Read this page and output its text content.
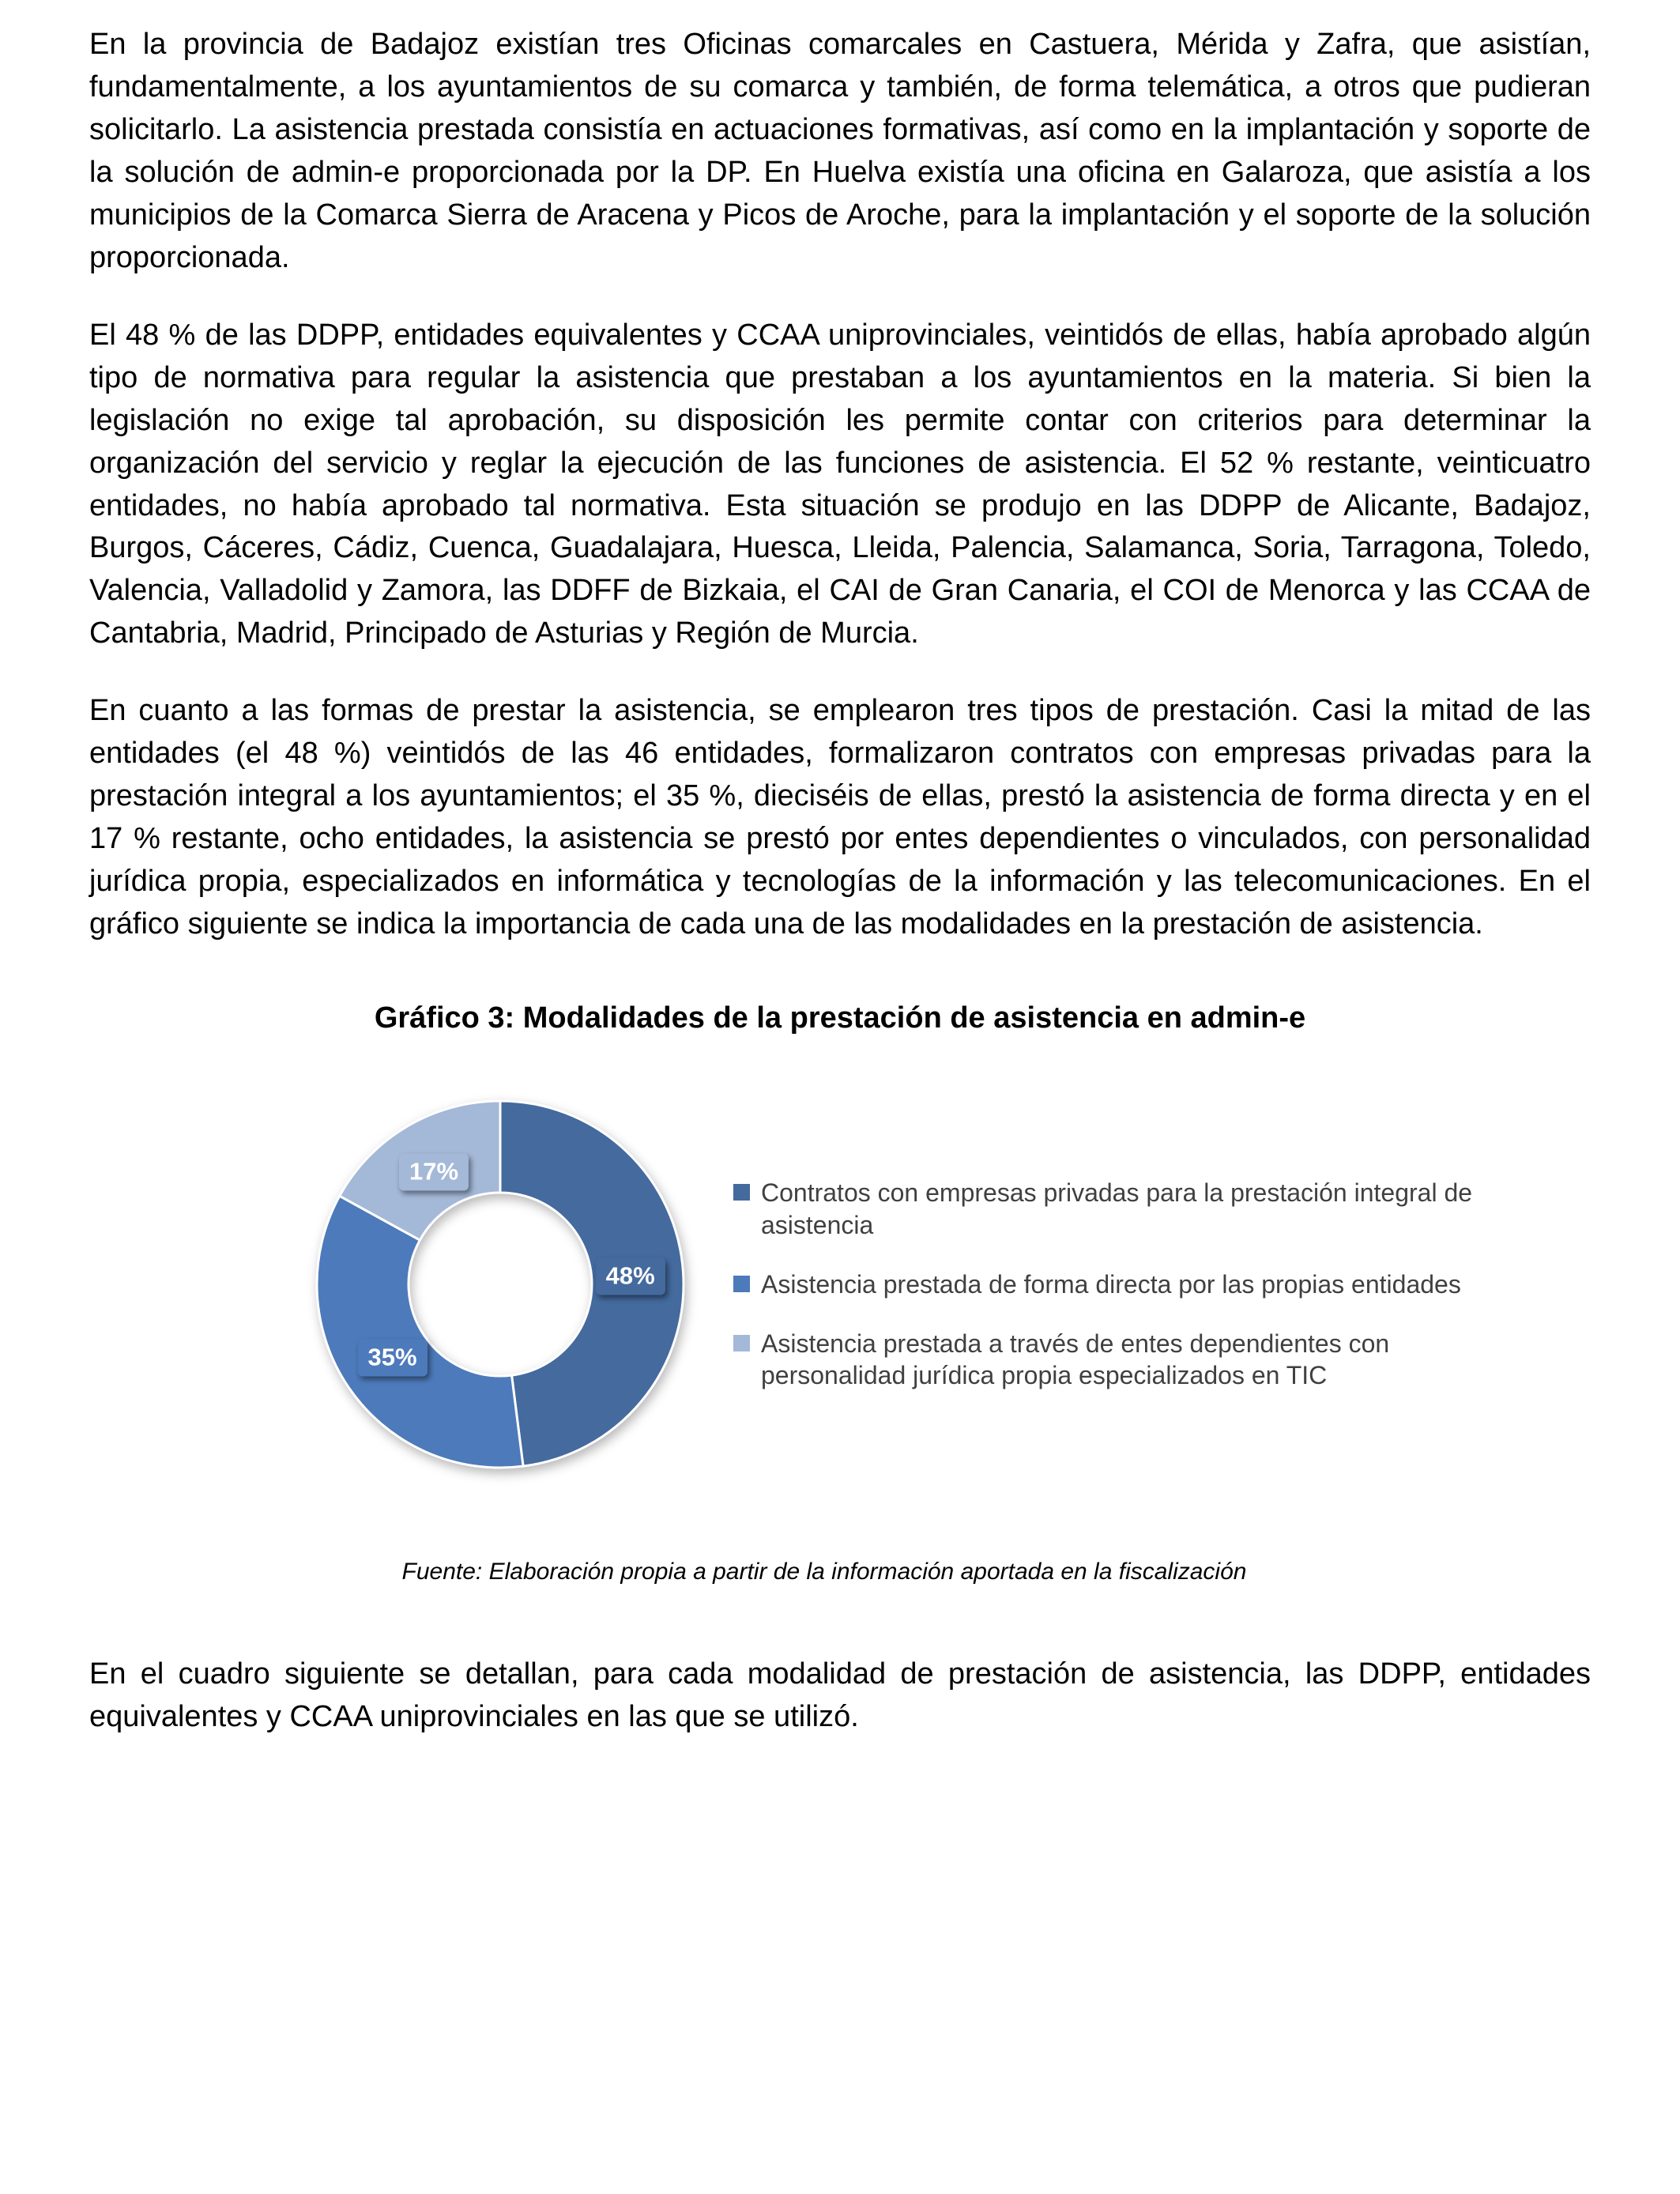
En la provincia de Badajoz existían tres Oficinas comarcales en Castuera, Mérida y Zafra, que asistían, fundamentalmente, a los ayuntamientos de su comarca y también, de forma telemática, a otros que pudieran solicitarlo. La asistencia prestada consistía en actuaciones formativas, así como en la implantación y soporte de la solución de admin-e proporcionada por la DP. En Huelva existía una oficina en Galaroza, que asistía a los municipios de la Comarca Sierra de Aracena y Picos de Aroche, para la implantación y el soporte de la solución proporcionada.

El 48 % de las DDPP, entidades equivalentes y CCAA uniprovinciales, veintidós de ellas, había aprobado algún tipo de normativa para regular la asistencia que prestaban a los ayuntamientos en la materia. Si bien la legislación no exige tal aprobación, su disposición les permite contar con criterios para determinar la organización del servicio y reglar la ejecución de las funciones de asistencia. El 52 % restante, veinticuatro entidades, no había aprobado tal normativa. Esta situación se produjo en las DDPP de Alicante, Badajoz, Burgos, Cáceres, Cádiz, Cuenca, Guadalajara, Huesca, Lleida, Palencia, Salamanca, Soria, Tarragona, Toledo, Valencia, Valladolid y Zamora, las DDFF de Bizkaia, el CAI de Gran Canaria, el COI de Menorca y las CCAA de Cantabria, Madrid, Principado de Asturias y Región de Murcia.

En cuanto a las formas de prestar la asistencia, se emplearon tres tipos de prestación. Casi la mitad de las entidades (el 48 %) veintidós de las 46 entidades, formalizaron contratos con empresas privadas para la prestación integral a los ayuntamientos; el 35 %, dieciséis de ellas, prestó la asistencia de forma directa y en el 17 % restante, ocho entidades, la asistencia se prestó por entes dependientes o vinculados, con personalidad jurídica propia, especializados en informática y tecnologías de la información y las telecomunicaciones. En el gráfico siguiente se indica la importancia de cada una de las modalidades en la prestación de asistencia.

Gráfico 3: Modalidades de la prestación de asistencia en admin-e
48%
35%
17%
Contratos con empresas privadas para la prestación integral de asistencia
Asistencia prestada de forma directa por las propias entidades
Asistencia prestada a través de entes dependientes con personalidad jurídica propia especializados en TIC

Fuente: Elaboración propia a partir de la información aportada en la fiscalización

En el cuadro siguiente se detallan, para cada modalidad de prestación de asistencia, las DDPP, entidades equivalentes y CCAA uniprovinciales en las que se utilizó.
